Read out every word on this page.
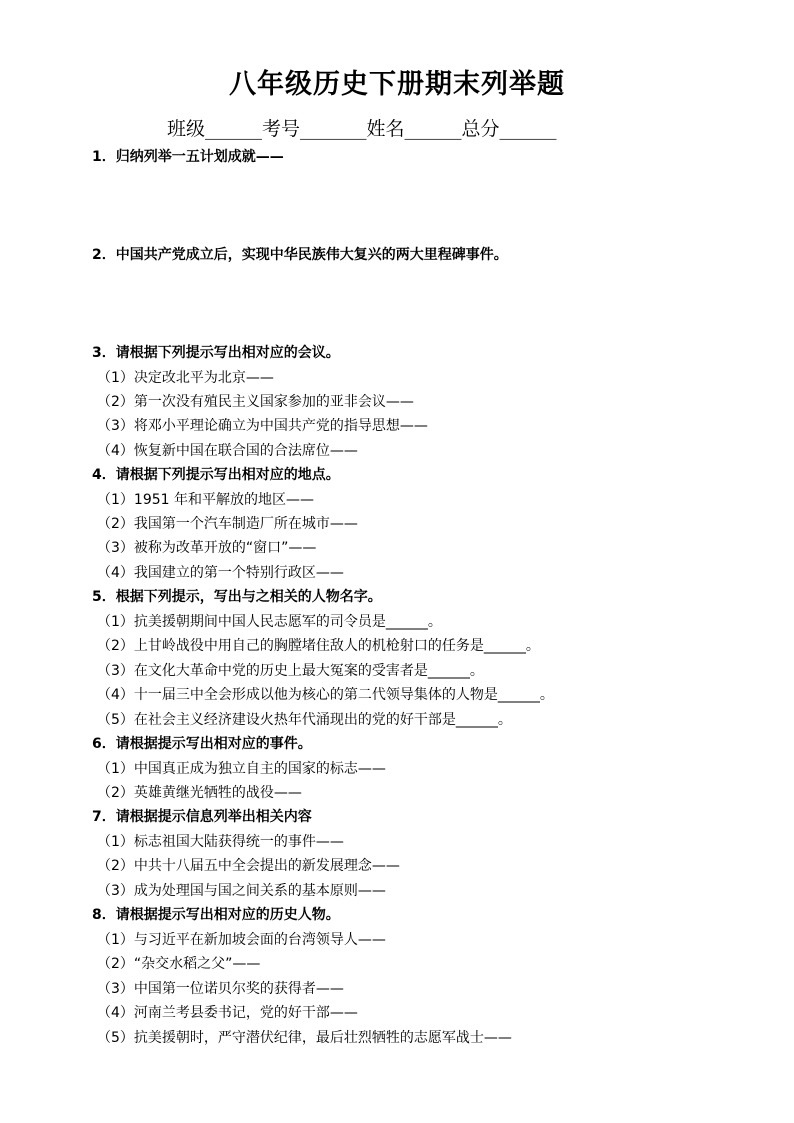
八年级历史下册期末列举题
班级______考号_______姓名______总分______
1．归纳列举一五计划成就——
2．中国共产党成立后，实现中华民族伟大复兴的两大里程碑事件。
3．请根据下列提示写出相对应的会议。
（1）决定改北平为北京——
（2）第一次没有殖民主义国家参加的亚非会议——
（3）将邓小平理论确立为中国共产党的指导思想——
（4）恢复新中国在联合国的合法席位——
4．请根据下列提示写出相对应的地点。
（1）1951 年和平解放的地区——
（2）我国第一个汽车制造厂所在城市——
（3）被称为改革开放的“窗口”——
（4）我国建立的第一个特别行政区——
5．根据下列提示，写出与之相关的人物名字。
（1）抗美援朝期间中国人民志愿军的司令员是______。
（2）上甘岭战役中用自己的胸膛堵住敌人的机枪射口的任务是______。
（3）在文化大革命中党的历史上最大冤案的受害者是______。
（4）十一届三中全会形成以他为核心的第二代领导集体的人物是______。
（5）在社会主义经济建设火热年代涌现出的党的好干部是______。
6．请根据提示写出相对应的事件。
（1）中国真正成为独立自主的国家的标志——
（2）英雄黄继光牺牲的战役——
7．请根据提示信息列举出相关内容
（1）标志祖国大陆获得统一的事件——
（2）中共十八届五中全会提出的新发展理念——
（3）成为处理国与国之间关系的基本原则——
8．请根据提示写出相对应的历史人物。
（1）与习近平在新加坡会面的台湾领导人——
（2）“杂交水稻之父”——
（3）中国第一位诺贝尔奖的获得者——
（4）河南兰考县委书记，党的好干部——
（5）抗美援朝时，严守潜伏纪律，最后壮烈牺牲的志愿军战士——
